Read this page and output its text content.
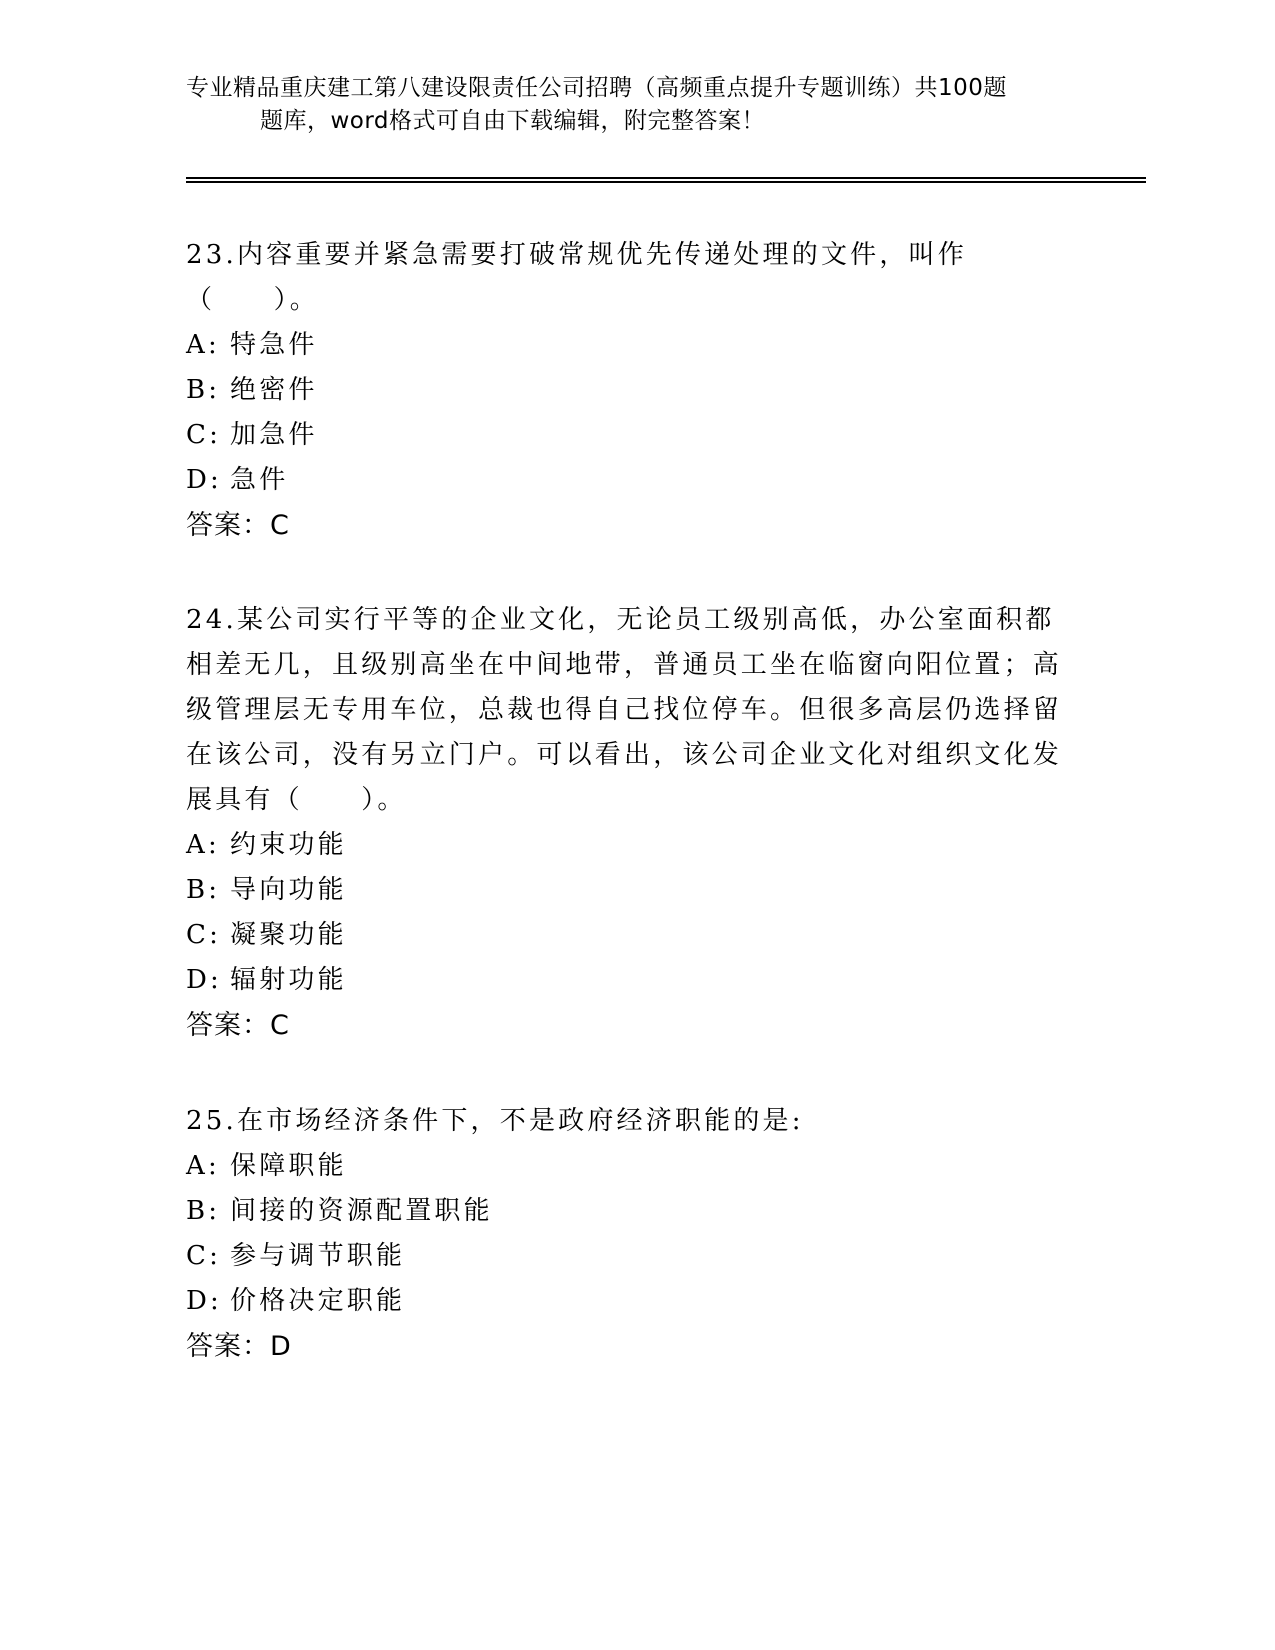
专业精品重庆建工第八建设限责任公司招聘（高频重点提升专题训练）共100题
题库，word格式可自由下载编辑，附完整答案！
23.内容重要并紧急需要打破常规优先传递处理的文件，叫作（　　）。
A: 特急件
B: 绝密件
C: 加急件
D: 急件
答案：C
24.某公司实行平等的企业文化，无论员工级别高低，办公室面积都相差无几，且级别高坐在中间地带，普通员工坐在临窗向阳位置；高级管理层无专用车位，总裁也得自己找位停车。但很多高层仍选择留在该公司，没有另立门户。可以看出，该公司企业文化对组织文化发展具有（　　）。
A: 约束功能
B: 导向功能
C: 凝聚功能
D: 辐射功能
答案：C
25.在市场经济条件下，不是政府经济职能的是:
A: 保障职能
B: 间接的资源配置职能
C: 参与调节职能
D: 价格决定职能
答案：D
